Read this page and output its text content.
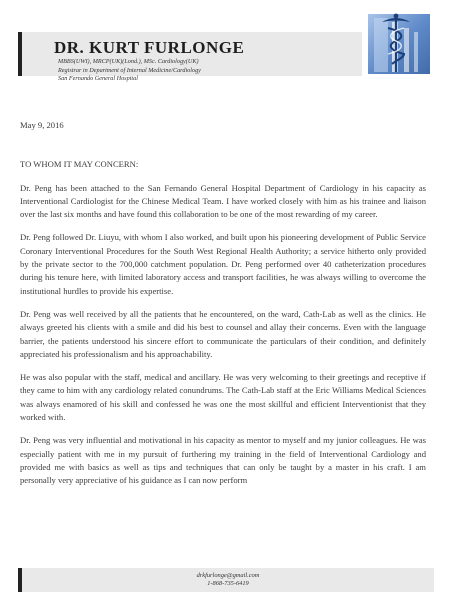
DR. KURT FURLONGE
MBBS(UWI), MRCP(UK)(Lond.), MSc. Cardiology(UK)
Registrar in Department of Internal Medicine/Cardiology
San Fernando General Hospital

May 9, 2016

TO WHOM IT MAY CONCERN:

Dr. Peng has been attached to the San Fernando General Hospital Department of Cardiology in his capacity as Interventional Cardiologist for the Chinese Medical Team. I have worked closely with him as his trainee and liaison over the last six months and have found this collaboration to be one of the most rewarding of my career.

Dr. Peng followed Dr. Liuyu, with whom I also worked, and built upon his pioneering development of Public Service Coronary Interventional Procedures for the South West Regional Health Authority; a service hitherto only provided by the private sector to the 700,000 catchment population. Dr. Peng performed over 40 catheterization procedures during his tenure here, with limited laboratory access and transport facilities, he was always willing to overcome the institutional hurdles to provide his expertise.

Dr. Peng was well received by all the patients that he encountered, on the ward, Cath-Lab as well as the clinics. He always greeted his clients with a smile and did his best to counsel and allay their concerns. Even with the language barrier, the patients understood his sincere effort to communicate the particulars of their condition, and definitely appreciated his professionalism and his approachability.

He was also popular with the staff, medical and ancillary. He was very welcoming to their greetings and receptive if they came to him with any cardiology related conundrums. The Cath-Lab staff at the Eric Williams Medical Sciences was always enamored of his skill and confessed he was one the most skillful and efficient Interventionist that they worked with.

Dr. Peng was very influential and motivational in his capacity as mentor to myself and my junior colleagues. He was especially patient with me in my pursuit of furthering my training in the field of Interventional Cardiology and provided me with basics as well as tips and techniques that can only be taught by a master in his craft. I am personally very appreciative of his guidance as I can now perform

drkfurlonge@gmail.com
1-868-735-6419
